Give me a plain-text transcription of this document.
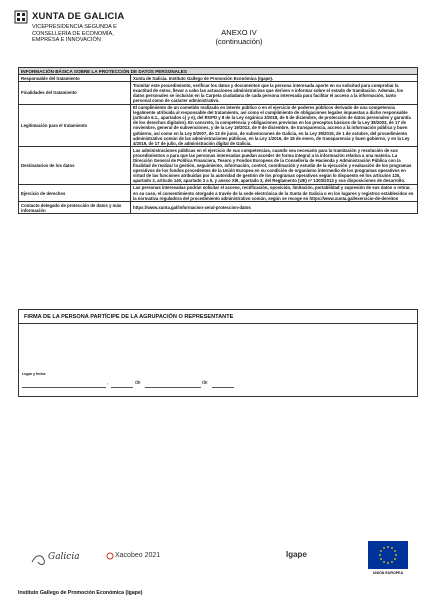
XUNTA DE GALICIA
VICEPRESIDENCIA SEGUNDA E
CONSELLERÍA DE ECONOMÍA,
EMPRESA E INNOVACIÓN
ANEXO IV
(continuación)
INFORMACIÓN BÁSICA SOBRE LA PROTECCIÓN DE DATOS PERSONALES	
Responsable del tratamiento	Xunta de Galicia. Instituto Gallego de Promoción Económica (Igape).
Finalidades del tratamiento	Tramitar este procedimiento, verificar los datos y documentos que la persona interesada aporte en su solicitud para comprobar la exactitud de estos, llevar a cabo las actuaciones administrativas que deriven e informar sobre el estado de tramitación. Además, los datos personales se incluirán en la Carpeta ciudadana de cada persona interesada para facilitar el acceso a la información, tanto personal como de carácter administrativo.
Legitimación para el tratamiento	El cumplimiento de un cometido realizado en interés público o en el ejercicio de poderes públicos derivado de una competencia legalmente atribuida al responsable del tratamiento, así como el cumplimiento de obligaciones legales impuestas a dicho responsable (artículo 6.1., apartados c) y e), del RGPD y 8 de la Ley orgánica 3/2018, de 5 de diciembre, de protección de datos personales y garantía de los derechos digitales). En concreto, la competencia y obligaciones previstas en los preceptos básicos de la Ley 38/2003, de 17 de noviembre, general de subvenciones, y de la Ley 19/2013, de 9 de diciembre, de transparencia, acceso a la información pública y buen gobierno, así como en la Ley 9/2007, de 13 de junio, de subvenciones de Galicia, en la Ley 39/2015, de 1 de octubre, del procedimiento administrativo común de las administraciones públicas, en la Ley 1/2016, de 18 de enero, de transparencia y buen gobierno, y en la Ley 4/2019, de 17 de julio, de administración digital de Galicia.
Destinatarios de los datos	Las administraciones públicas en el ejercicio de sus competencias, cuando sea necesario para la tramitación y resolución de sus procedimientos o para que las personas interesadas puedan acceder de forma integral a la información relativa a una materia. La Dirección General de Política Financiera, Tesoro y Fondos Europeos de la Consellería de Hacienda y Administración Pública con la finalidad de realizar la gestión, seguimiento, información, control, coordinación y estudio de la ejecución y evaluación de los programas operativos de los fondos procedentes de la Unión Europea en su condición de organismo intermedio de los programas operativos en virtud de las funciones atribuidas por la autoridad de gestión de los programas operativos según lo dispuesto en los artículos 125, apartado 2, artículo 140, apartado 3 a 5, y anexo XIII, apartado 3, del Reglamento (UE) nº 1303/2013 y sus disposiciones de desarrollo.
Ejercicio de derechos	Las personas interesadas podrán solicitar el acceso, rectificación, oposición, limitación, portabilidad y supresión de sus datos o retirar, en su caso, el consentimiento otorgado a través de la sede electrónica de la Xunta de Galicia o en los lugares y registros establecidos en la normativa reguladora del procedimiento administrativo común, según se recoge en https://www.xunta.gal/exercicio-de-dereitos
Contacto delegado de protección de datos y más información	https://www.xunta.gal/informacion-xeral-proteccion-datos
FIRMA DE LA PERSONA PARTÍCIPE DE LA AGRUPACIÓN O REPRESENTANTE
Lugar y fecha
,	de	de
Galicia	Xacobeo 2021	Igape
UNIÓN EUROPEA
Instituto Gallego de Promoción Económica (Igape)
